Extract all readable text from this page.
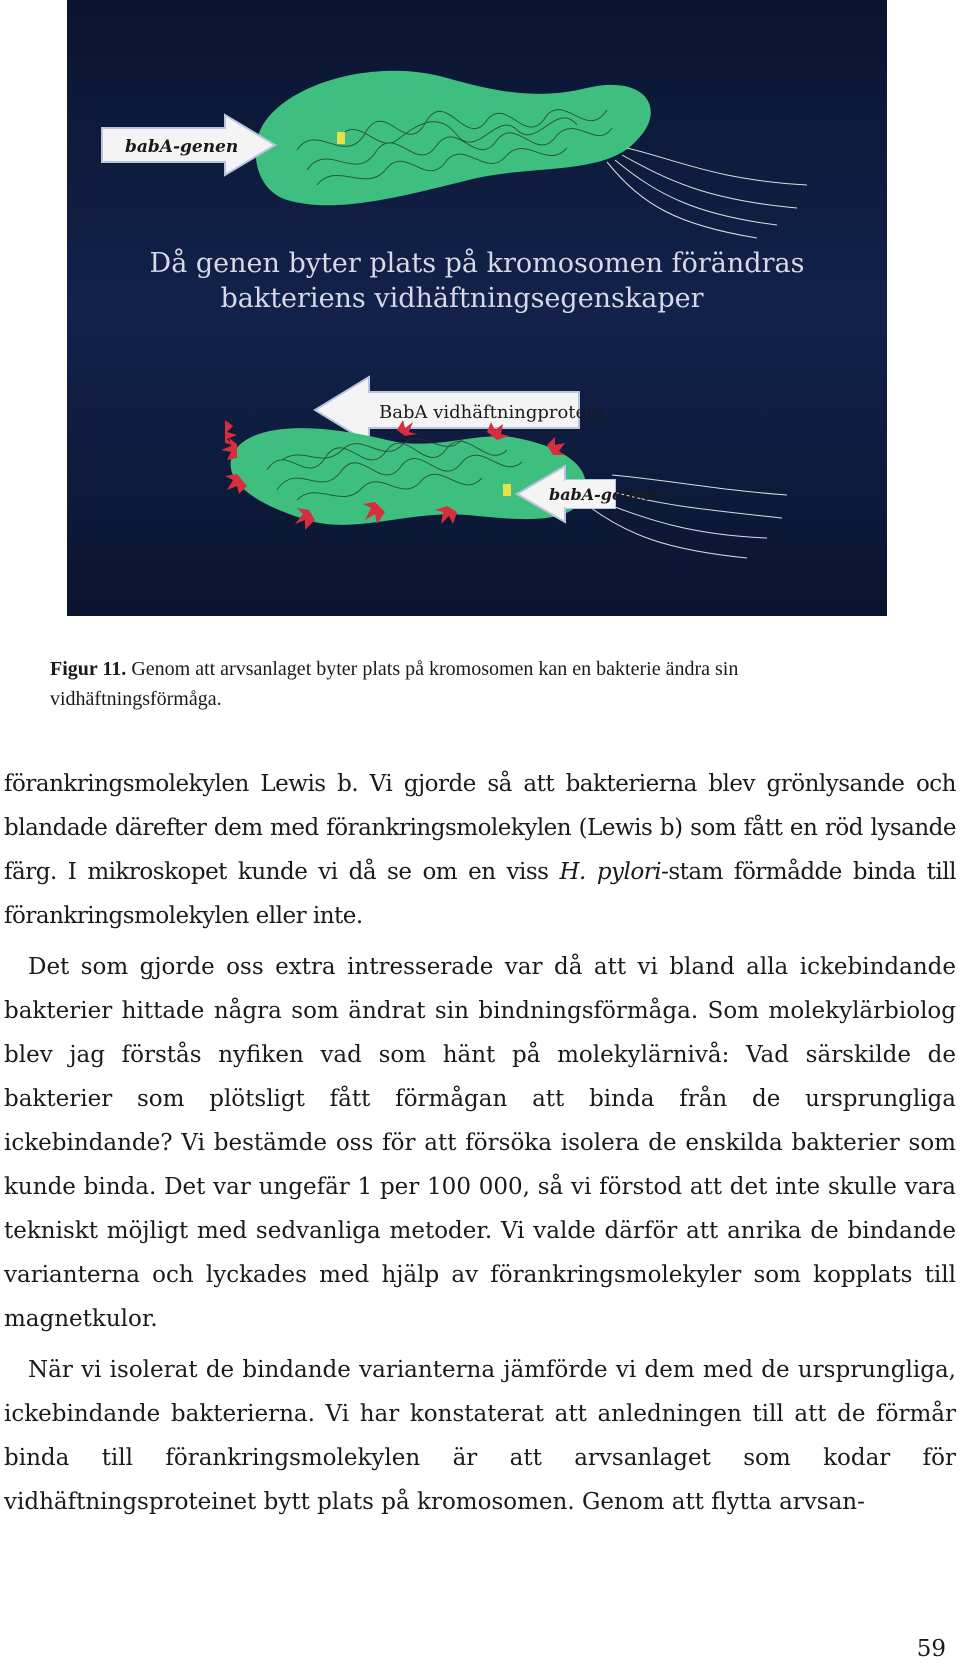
babA-genen
Då genen byter plats på kromosomen förändras
bakteriens vidhäftningsegenskaper
BabA vidhäftningprotein
babA-genen
Figur 11. Genom att arvsanlaget byter plats på kromosomen kan en bakterie ändra sin vidhäftningsförmåga.

förankringsmolekylen Lewis b. Vi gjorde så att bakterierna blev grönlysande och blandade därefter dem med förankringsmolekylen (Lewis b) som fått en röd lysande färg. I mikroskopet kunde vi då se om en viss H. pylori-stam förmådde binda till förankringsmolekylen eller inte.

Det som gjorde oss extra intresserade var då att vi bland alla ickebindande bakterier hittade några som ändrat sin bindningsförmåga. Som molekylärbiolog blev jag förstås nyfiken vad som hänt på molekylärnivå: Vad särskilde de bakterier som plötsligt fått förmågan att binda från de ursprungliga ickebindande? Vi bestämde oss för att försöka isolera de enskilda bakterier som kunde binda. Det var ungefär 1 per 100 000, så vi förstod att det inte skulle vara tekniskt möjligt med sedvanliga metoder. Vi valde därför att anrika de bindande varianterna och lyckades med hjälp av förankringsmolekyler som kopplats till magnetkulor.

När vi isolerat de bindande varianterna jämförde vi dem med de ursprungliga, ickebindande bakterierna. Vi har konstaterat att anledningen till att de förmår binda till förankringsmolekylen är att arvsanlaget som kodar för vidhäftningsproteinet bytt plats på kromosomen. Genom att flytta arvsan-

59
